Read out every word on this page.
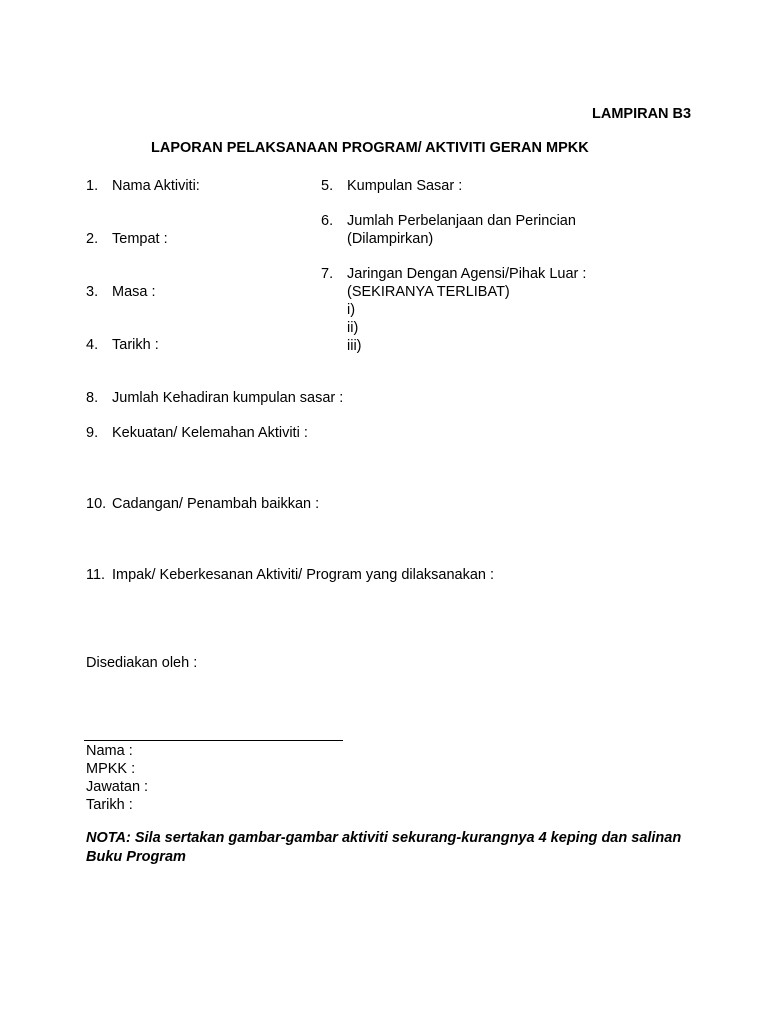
LAMPIRAN B3
LAPORAN PELAKSANAAN PROGRAM/ AKTIVITI GERAN MPKK
1. Nama Aktiviti:
2. Tempat :
3. Masa :
4. Tarikh :
5. Kumpulan Sasar :
6. Jumlah Perbelanjaan dan Perincian
(Dilampirkan)
7. Jaringan Dengan Agensi/Pihak Luar :
(SEKIRANYA TERLIBAT)
i)
ii)
iii)
8. Jumlah Kehadiran kumpulan sasar :
9. Kekuatan/ Kelemahan Aktiviti :
10. Cadangan/ Penambah baikkan :
11. Impak/ Keberkesanan Aktiviti/ Program yang dilaksanakan :
Disediakan oleh :
Nama :
MPKK :
Jawatan :
Tarikh :
NOTA: Sila sertakan gambar-gambar aktiviti sekurang-kurangnya 4 keping dan salinan Buku Program
